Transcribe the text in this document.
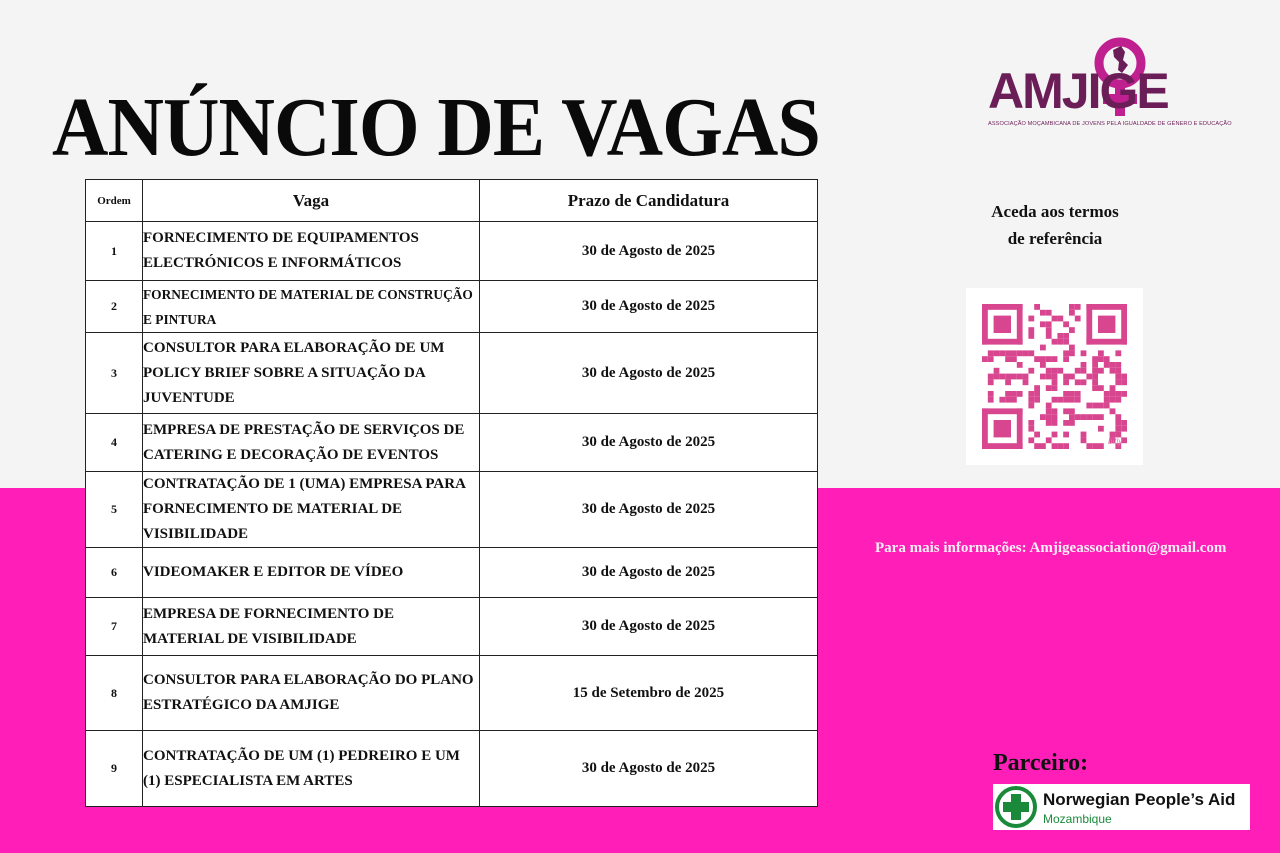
ANÚNCIO DE VAGAS
Ordem	Vaga	Prazo de Candidatura
1	FORNECIMENTO DE EQUIPAMENTOS ELECTRÓNICOS E INFORMÁTICOS	30 de Agosto de 2025
2	FORNECIMENTO DE MATERIAL DE CONSTRUÇÃO E PINTURA	30 de Agosto de 2025
3	CONSULTOR PARA ELABORAÇÃO DE UM POLICY BRIEF SOBRE A SITUAÇÃO DA JUVENTUDE	30 de Agosto de 2025
4	EMPRESA DE PRESTAÇÃO DE SERVIÇOS DE CATERING E DECORAÇÃO DE EVENTOS	30 de Agosto de 2025
5	CONTRATAÇÃO DE 1 (UMA) EMPRESA PARA FORNECIMENTO DE MATERIAL DE VISIBILIDADE	30 de Agosto de 2025
6	VIDEOMAKER E EDITOR DE VÍDEO	30 de Agosto de 2025
7	EMPRESA DE FORNECIMENTO DE MATERIAL DE VISIBILIDADE	30 de Agosto de 2025
8	CONSULTOR PARA ELABORAÇÃO DO PLANO ESTRATÉGICO DA AMJIGE	15 de Setembro de 2025
9	CONTRATAÇÃO DE UM (1) PEDREIRO E UM (1) ESPECIALISTA EM ARTES	30 de Agosto de 2025
AMJIGE
ASSOCIAÇÃO MOÇAMBICANA DE JOVENS PELA IGUALDADE DE GÉNERO E EDUCAÇÃO
Aceda aos termos
de referência
bitly
Para mais informações: Amjigeassociation@gmail.com
Parceiro:
Norwegian People’s Aid
Mozambique
